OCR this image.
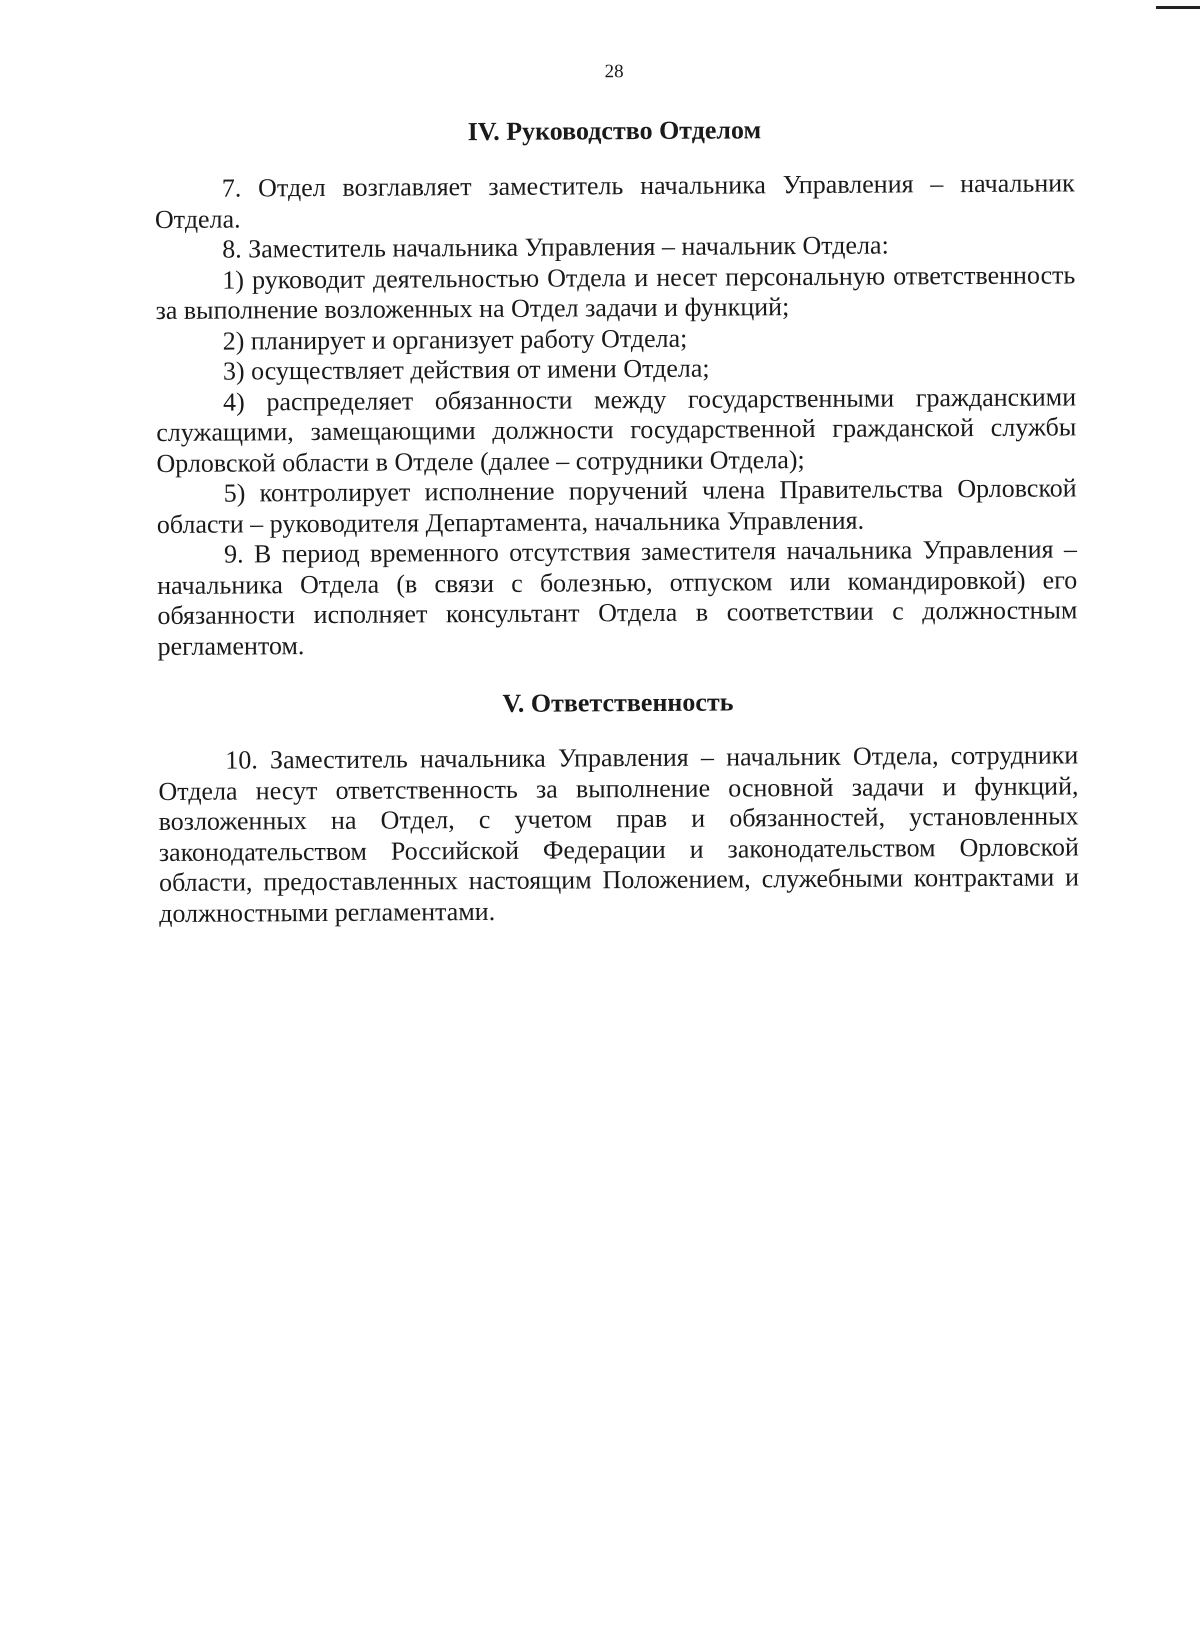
28
IV. Руководство Отделом

7. Отдел возглавляет заместитель начальника Управления – начальник Отдела.

8. Заместитель начальника Управления – начальник Отдела:

1) руководит деятельностью Отдела и несет персональную ответственность за выполнение возложенных на Отдел задачи и функций;

2) планирует и организует работу Отдела;

3) осуществляет действия от имени Отдела;

4) распределяет обязанности между государственными гражданскими служащими, замещающими должности государственной гражданской службы Орловской области в Отделе (далее – сотрудники Отдела);

5) контролирует исполнение поручений члена Правительства Орловской области – руководителя Департамента, начальника Управления.

9. В период временного отсутствия заместителя начальника Управления – начальника Отдела (в связи с болезнью, отпуском или командировкой) его обязанности исполняет консультант Отдела в соответствии с должностным регламентом.

V. Ответственность

10. Заместитель начальника Управления – начальник Отдела, сотрудники Отдела несут ответственность за выполнение основной задачи и функций, возложенных на Отдел, с учетом прав и обязанностей, установленных законодательством Российской Федерации и законодательством Орловской области, предоставленных настоящим Положением, служебными контрактами и должностными регламентами.
